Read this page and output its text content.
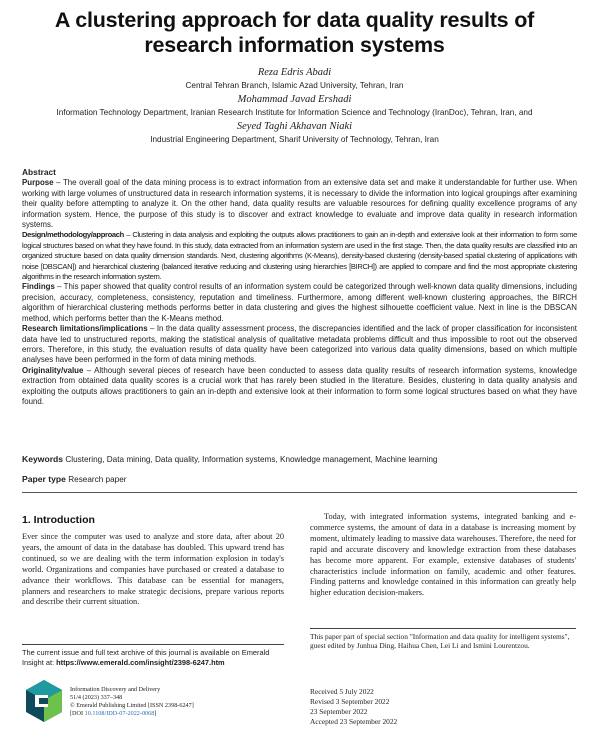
A clustering approach for data quality results of
research information systems
Reza Edris Abadi
Central Tehran Branch, Islamic Azad University, Tehran, Iran
Mohammad Javad Ershadi
Information Technology Department, Iranian Research Institute for Information Science and Technology (IranDoc), Tehran, Iran, and
Seyed Taghi Akhavan Niaki
Industrial Engineering Department, Sharif University of Technology, Tehran, Iran
Abstract

Purpose – The overall goal of the data mining process is to extract information from an extensive data set and make it understandable for further use. When working with large volumes of unstructured data in research information systems, it is necessary to divide the information into logical groupings after examining their quality before attempting to analyze it. On the other hand, data quality results are valuable resources for defining quality excellence programs of any information system. Hence, the purpose of this study is to discover and extract knowledge to evaluate and improve data quality in research information systems.

Design/methodology/approach – Clustering in data analysis and exploiting the outputs allows practitioners to gain an in-depth and extensive look at their information to form some logical structures based on what they have found. In this study, data extracted from an information system are used in the first stage. Then, the data quality results are classified into an organized structure based on data quality dimension standards. Next, clustering algorithms (K-Means), density-based clustering (density-based spatial clustering of applications with noise [DBSCAN]) and hierarchical clustering (balanced iterative reducing and clustering using hierarchies [BIRCH]) are applied to compare and find the most appropriate clustering algorithms in the research information system.

Findings – This paper showed that quality control results of an information system could be categorized through well-known data quality dimensions, including precision, accuracy, completeness, consistency, reputation and timeliness. Furthermore, among different well-known clustering approaches, the BIRCH algorithm of hierarchical clustering methods performs better in data clustering and gives the highest silhouette coefficient value. Next in line is the DBSCAN method, which performs better than the K-Means method.

Research limitations/implications – In the data quality assessment process, the discrepancies identified and the lack of proper classification for inconsistent data have led to unstructured reports, making the statistical analysis of qualitative metadata problems difficult and thus impossible to root out the observed errors. Therefore, in this study, the evaluation results of data quality have been categorized into various data quality dimensions, based on which multiple analyses have been performed in the form of data mining methods.

Originality/value – Although several pieces of research have been conducted to assess data quality results of research information systems, knowledge extraction from obtained data quality scores is a crucial work that has rarely been studied in the literature. Besides, clustering in data quality analysis and exploiting the outputs allows practitioners to gain an in-depth and extensive look at their information to form some logical structures based on what they have found.

Keywords Clustering, Data mining, Data quality, Information systems, Knowledge management, Machine learning
Paper type Research paper
1. Introduction
Ever since the computer was used to analyze and store data, after about 20 years, the amount of data in the database has doubled. This upward trend has continued, so we are dealing with the term information explosion in today's world. Organizations and companies have purchased or created a database to advance their workflows. This database can be essential for managers, planners and researchers to make strategic decisions, prepare various reports and describe their current situation.
Today, with integrated information systems, integrated banking and e-commerce systems, the amount of data in a database is increasing moment by moment, ultimately leading to massive data warehouses. Therefore, the need for rapid and accurate discovery and knowledge extraction from these databases has become more apparent. For example, extensive databases of students' characteristics include information on family, academic and other features. Finding patterns and knowledge contained in this information can greatly help higher education decision-makers.
The current issue and full text archive of this journal is available on Emerald Insight at: https://www.emerald.com/insight/2398-6247.htm
Information Discovery and Delivery
51/4 (2023) 337–348
© Emerald Publishing Limited [ISSN 2398-6247]
[DOI 10.1108/IDD-07-2022-0068]
This paper part of special section "Information and data quality for intelligent systems", guest edited by Junhua Ding, Haihua Chen, Lei Li and Ismini Lourentzou.
Received 5 July 2022
Revised 3 September 2022
23 September 2022
Accepted 23 September 2022
